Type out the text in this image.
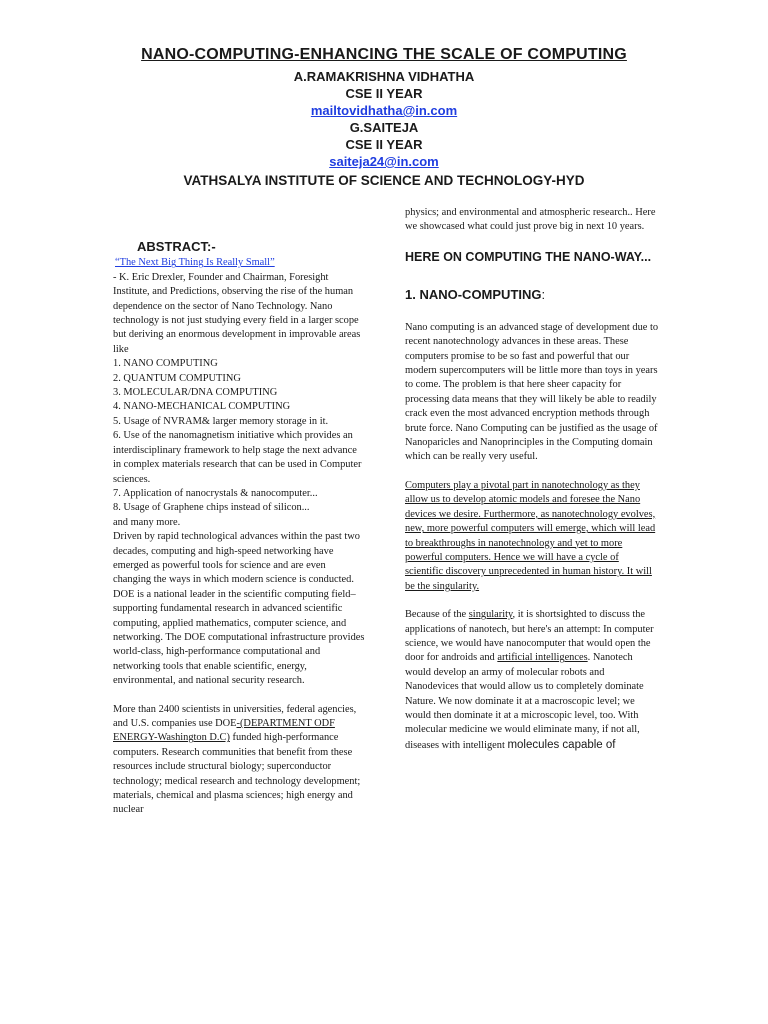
NANO-COMPUTING-ENHANCING THE SCALE OF COMPUTING
A.RAMAKRISHNA VIDHATHA
CSE II YEAR
mailtovidhatha@in.com
G.SAITEJA
CSE II YEAR
saiteja24@in.com
VATHSALYA INSTITUTE OF SCIENCE AND TECHNOLOGY-HYD
ABSTRACT:-
“The Next Big Thing Is Really Small”

- K. Eric Drexler, Founder and Chairman, Foresight Institute, and Predictions, observing the rise of the human dependence on the sector of Nano Technology. Nano technology is not just studying every field in a larger scope but deriving an enormous development in improvable areas like

1. NANO COMPUTING

2. QUANTUM COMPUTING

3. MOLECULAR/DNA COMPUTING

4. NANO-MECHANICAL COMPUTING

5. Usage of NVRAM& larger memory storage in it.

6. Use of the nanomagnetism initiative which provides an interdisciplinary framework to help stage the next advance in complex materials research that can be used in Computer sciences.

7. Application of nanocrystals & nanocomputer...

8. Usage of Graphene chips instead of silicon...

and many more.

Driven by rapid technological advances within the past two decades, computing and high-speed networking have emerged as powerful tools for science and are even changing the ways in which modern science is conducted. DOE is a national leader in the scientific computing field– supporting fundamental research in advanced scientific computing, applied mathematics, computer science, and networking. The DOE computational infrastructure provides world-class, high-performance computational and networking tools that enable scientific, energy, environmental, and national security research.

More than 2400 scientists in universities, federal agencies, and U.S. companies use DOE-(DEPARTMENT ODF ENERGY-Washington D.C) funded high-performance computers. Research communities that benefit from these resources include structural biology; superconductor technology; medical research and technology development; materials, chemical and plasma sciences; high energy and nuclear

physics; and environmental and atmospheric research.. Here we showcased what could just prove big in next 10 years.

HERE ON COMPUTING THE NANO-WAY...
1. NANO-COMPUTING:

Nano computing is an advanced stage of development due to recent nanotechnology advances in these areas. These computers promise to be so fast and powerful that our modern supercomputers will be little more than toys in years to come. The problem is that here sheer capacity for processing data means that they will likely be able to readily crack even the most advanced encryption methods through brute force. Nano Computing can be justified as the usage of Nanoparicles and Nanoprinciples in the Computing domain which can be really very useful.

Computers play a pivotal part in nanotechnology as they allow us to develop atomic models and foresee the Nano devices we desire. Furthermore, as nanotechnology evolves, new, more powerful computers will emerge, which will lead to breakthroughs in nanotechnology and yet to more powerful computers. Hence we will have a cycle of scientific discovery unprecedented in human history. It will be the singularity.

Because of the singularity, it is shortsighted to discuss the applications of nanotech, but here's an attempt: In computer science, we would have nanocomputer that would open the door for androids and artificial intelligences. Nanotech would develop an army of molecular robots and Nanodevices that would allow us to completely dominate Nature. We now dominate it at a macroscopic level; we would then dominate it at a microscopic level, too. With molecular medicine we would eliminate many, if not all, diseases with intelligent molecules capable of
